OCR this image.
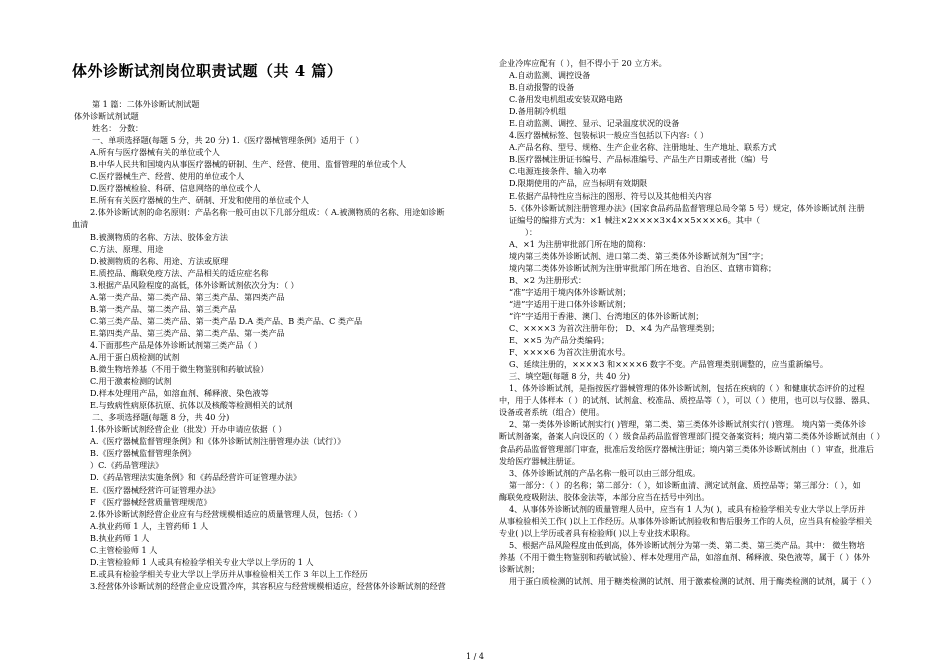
体外诊断试剂岗位职责试题（共 4 篇）
第 1 篇：二体外诊断试剂试题
体外诊断试剂试题
姓名： 分数：
一、单项选择题(每题 5 分，共 20 分) 1.《医疗器械管理条例》适用于（ ）
A.所有与医疗器械有关的单位或个人
B.中华人民共和国境内从事医疗器械的研制、生产、经营、使用、监督管理的单位或个人
C.医疗器械生产、经营、使用的单位或个人
D.医疗器械检验、科研、信息网络的单位或个人
E.所有有关医疗器械的生产、研制、开发和使用的单位或个人
2.体外诊断试剂的命名原则：产品名称一般可由以下几部分组成：（ A.被测物质的名称、用途如诊断
血清
B.被测物质的名称、方法、胶体金方法
C.方法、原理、用途
D.被测物质的名称、用途、方法或原理
E.质控品、酶联免疫方法、产品相关的适应症名称
3.根据产品风险程度的高低，体外诊断试剂依次分为：（ ）
A.第一类产品、第二类产品、第三类产品、第四类产品
B.第一类产品、第二类产品、第三类产品
C.第三类产品、第二类产品、第一类产品 D.A 类产品、B 类产品、C 类产品
E.第四类产品、第三类产品、第二类产品、第一类产品
4.下面那些产品是体外诊断试剂第三类产品（ ）
A.用于蛋白质检测的试剂
B.微生物培养基（不用于微生物鉴别和药敏试验）
C.用于激素检测的试剂
D.样本处理用产品，如溶血剂、稀释液、染色液等
E.与致病性病原体抗原、抗体以及核酸等检测相关的试剂
二、多项选择题(每题 8 分，共 40 分)
1.体外诊断试剂经营企业（批发）开办申请应依据（ ）
A.《医疗器械监督管理条例》和《体外诊断试剂注册管理办法（试行）》
B.《医疗器械监督管理条例》
）C.《药品管理法》
D.《药品管理法实施条例》和《药品经营许可证管理办法》
E.《医疗器械经营许可证管理办法》
F 《医疗器械经营质量管理规范》
2.体外诊断试剂经营企业应有与经营规模相适应的质量管理人员，包括:（ ）
A.执业药师 1 人，主管药师 1 人
B.执业药师 1 人
C.主管检验师 1 人
D.主管检验师 1 人或具有检验学相关专业大学以上学历的 1 人
E.或具有检验学相关专业大学以上学历并从事检验相关工作 3 年以上工作经历
3.经营体外诊断试剂的经营企业应设置冷库，其容积应与经营规模相适应，经营体外诊断试剂的经营
企业冷库应配有（ ），但不得小于 20 立方米。
A.自动监测、调控设备
B.自动报警的设备
C.备用发电机组或安装双路电路
D.备用制冷机组
E.自动监测、调控、显示、记录温度状况的设备
4.医疗器械标签、包装标识一般应当包括以下内容:（ ）
A.产品名称、型号、规格、生产企业名称、注册地址、生产地址、联系方式
B.医疗器械注册证书编号、产品标准编号、产品生产日期或者批（编）号
C.电源连接条件、输入功率
D.限期使用的产品，应当标明有效期限
E.依据产品特性应当标注的图形、符号以及其他相关内容
5.《体外诊断试剂注册管理办法》(国家食品药品监督管理总局令第 5 号）规定，体外诊断试剂 注册
证编号的编排方式为：×1 械注×2××××3×4××5××××6。其中（
）：
A、×1 为注册审批部门所在地的简称：
境内第三类体外诊断试剂、进口第二类、第三类体外诊断试剂为“国”字；
境内第二类体外诊断试剂为注册审批部门所在地省、自治区、直辖市简称；
B、×2 为注册形式：
“准”字适用于境内体外诊断试剂；
“进”字适用于进口体外诊断试剂；
“许”字适用于香港、澳门、台湾地区的体外诊断试剂；
C、××××3 为首次注册年份； D、×4 为产品管理类别；
E、××5 为产品分类编码；
F、××××6 为首次注册流水号。
G、延续注册的，××××3 和××××6 数字不变。产品管理类别调整的，应当重新编号。
三、填空题(每题 8 分，共 40 分)
1、体外诊断试剂，是指按医疗器械管理的体外诊断试剂，包括在疾病的（ ）和健康状态评价的过程
中，用于人体样本（ ）的试剂、试剂盒、校准品、质控品等（ ），可以（ ）使用，也可以与仪器、器具、
设备或者系统（组合）使用。
2、第一类体外诊断试剂实行( )管理，第二类、第三类体外诊断试剂实行( )管理。 境内第一类体外诊
断试剂备案，备案人向设区的（ ）级食品药品监督管理部门提交备案资料；境内第二类体外诊断试剂由（ ）
食品药品监督管理部门审查，批准后发给医疗器械注册证；境内第三类体外诊断试剂由（ ）审查，批准后
发给医疗器械注册证。
3、体外诊断试剂的产品名称一般可以由三部分组成。
第一部分：（ ）的名称；第二部分：（ ），如诊断血清、测定试剂盒、质控品等；第三部分：（ ），如
酶联免疫吸附法、胶体金法等，本部分应当在括号中列出。
4、从事体外诊断试剂的质量管理人员中，应当有 1 人为( )，或具有检验学相关专业大学以上学历并
从事检验相关工作( )以上工作经历。从事体外诊断试剂验收和售后服务工作的人员，应当具有检验学相关
专业( )以上学历或者具有检验师( )以上专业技术职称。
5、根据产品风险程度由低到高，体外诊断试剂分为第一类、第二类、第三类产品。其中： 微生物培
养基（不用于微生物鉴别和药敏试验）、样本处理用产品，如溶血剂、稀释液、染色液等，属于（ ）体外
诊断试剂；
用于蛋白质检测的试剂、用于糖类检测的试剂、用于激素检测的试剂、用于酶类检测的试剂，属于（ ）
1 / 4
